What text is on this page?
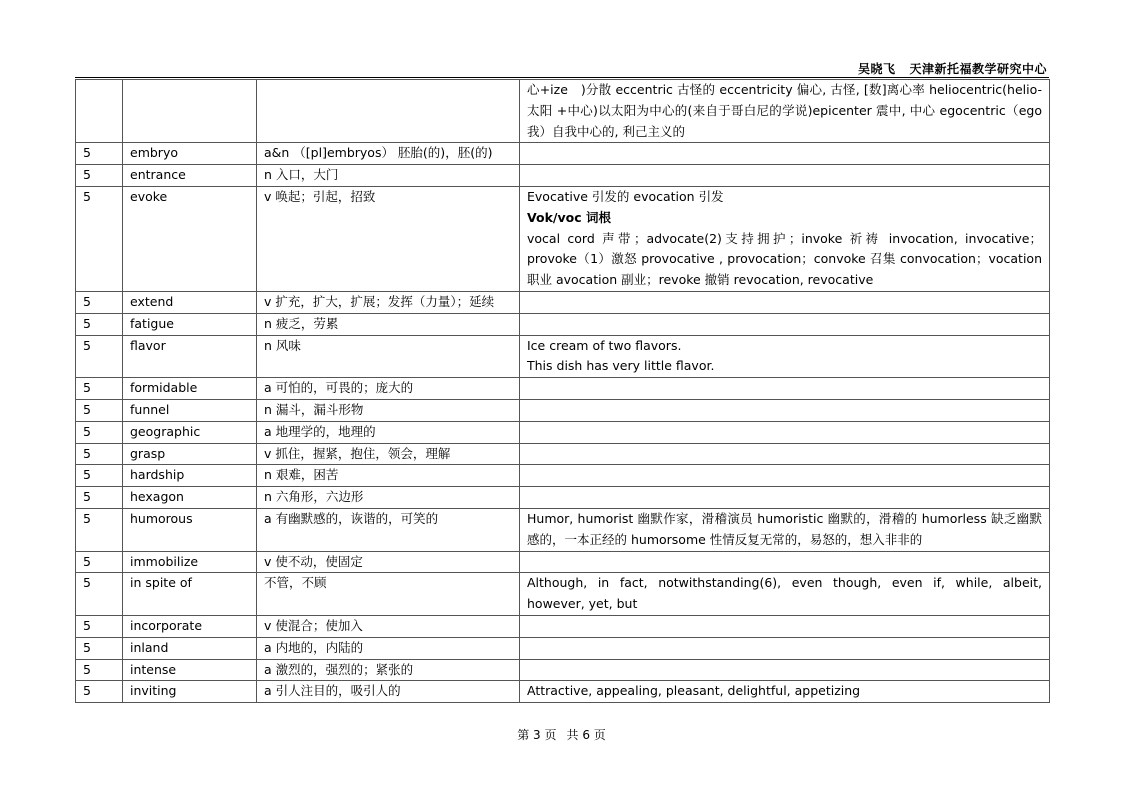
吴晓飞 天津新托福教学研究中心

			心+ize　)分散 eccentric 古怪的 eccentricity 偏心, 古怪, [数]离心率 heliocentric(helio-太阳 +中心)以太阳为中心的(来自于哥白尼的学说)epicenter 震中, 中心 egocentric（ego 我）自我中心的, 利己主义的

5	embryo	a&n （[pl]embryos） 胚胎(的)，胚(的)	
5	entrance	n 入口，大门	
5	evoke	v 唤起；引起，招致	Evocative 引发的 evocation 引发
Vok/voc 词根
vocal cord 声带；advocate(2)支持拥护；invoke 祈祷 invocation, invocative；provoke（1）激怒 provocative , provocation；convoke 召集 convocation；vocation 职业 avocation 副业；revoke 撤销 revocation, revocative

5	extend	v 扩充，扩大，扩展；发挥（力量）；延续	
5	fatigue	n 疲乏，劳累	
5	flavor	n 风味	Ice cream of two flavors.
This dish has very little flavor.

5	formidable	a 可怕的，可畏的；庞大的	
5	funnel	n 漏斗，漏斗形物	
5	geographic	a 地理学的，地理的	
5	grasp	v 抓住，握紧，抱住，领会，理解	
5	hardship	n 艰难，困苦	
5	hexagon	n 六角形，六边形	
5	humorous	a 有幽默感的，诙谐的，可笑的	Humor, humorist 幽默作家，滑稽演员 humoristic 幽默的，滑稽的 humorless 缺乏幽默感的，一本正经的 humorsome 性情反复无常的，易怒的，想入非非的

5	immobilize	v 使不动，使固定	
5	in spite of	不管，不顾	Although, in fact, notwithstanding(6), even though, even if, while, albeit, however, yet, but

5	incorporate	v 使混合；使加入	
5	inland	a 内地的，内陆的	
5	intense	a 激烈的，强烈的；紧张的	
5	inviting	a 引人注目的，吸引人的	Attractive, appealing, pleasant, delightful, appetizing
第 3 页 共 6 页
